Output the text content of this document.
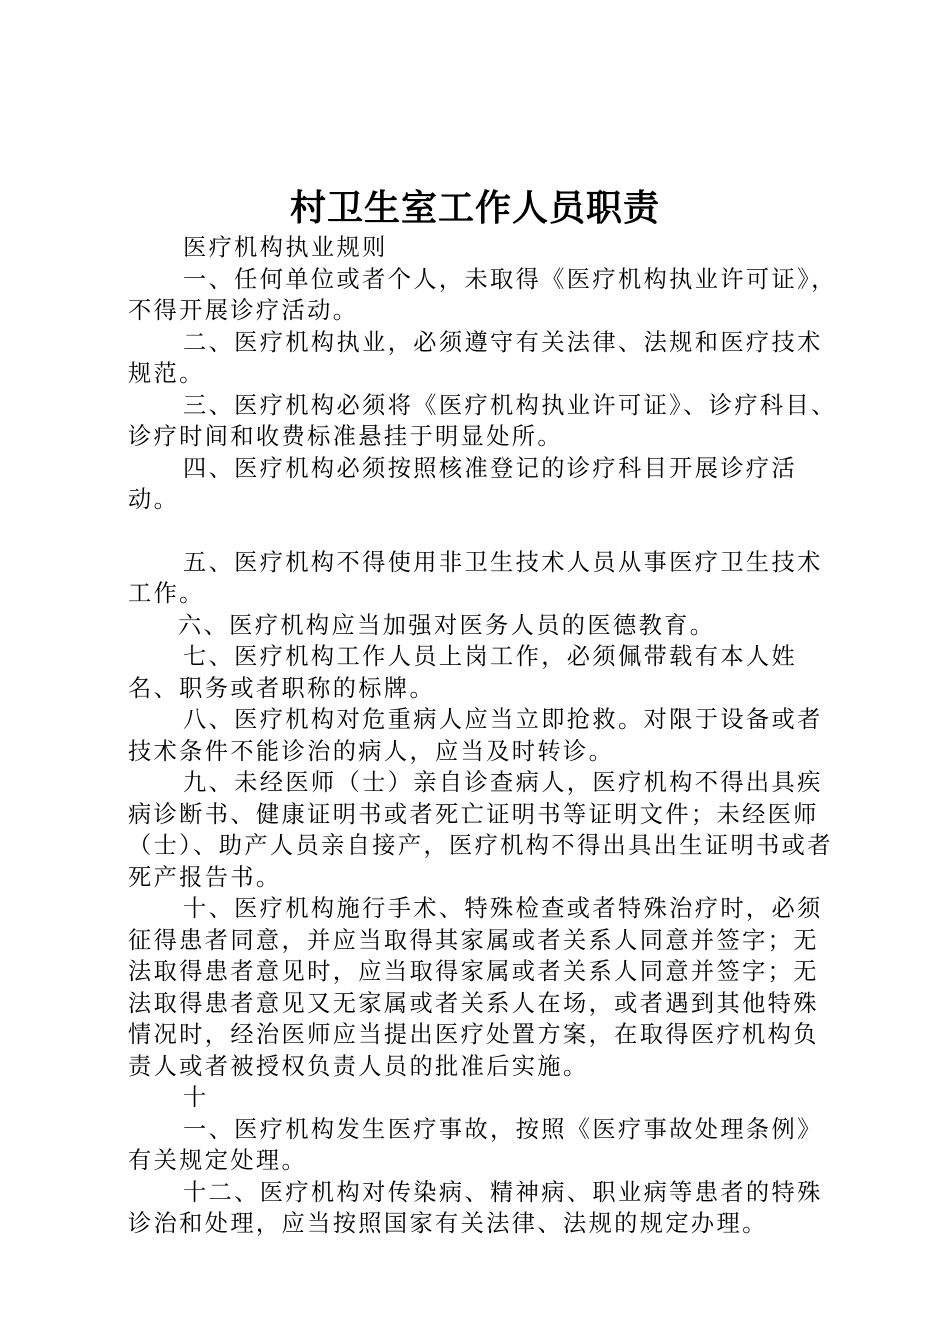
村卫生室工作人员职责

医疗机构执业规则

一、任何单位或者个人，未取得《医疗机构执业许可证》，不得开展诊疗活动。

二、医疗机构执业，必须遵守有关法律、法规和医疗技术规范。

三、医疗机构必须将《医疗机构执业许可证》、诊疗科目、诊疗时间和收费标准悬挂于明显处所。

四、医疗机构必须按照核准登记的诊疗科目开展诊疗活动。

五、医疗机构不得使用非卫生技术人员从事医疗卫生技术工作。

六、医疗机构应当加强对医务人员的医德教育。

七、医疗机构工作人员上岗工作，必须佩带载有本人姓名、职务或者职称的标牌。

八、医疗机构对危重病人应当立即抢救。对限于设备或者技术条件不能诊治的病人，应当及时转诊。

九、未经医师（士）亲自诊查病人，医疗机构不得出具疾病诊断书、健康证明书或者死亡证明书等证明文件；未经医师（士）、助产人员亲自接产，医疗机构不得出具出生证明书或者死产报告书。

十、医疗机构施行手术、特殊检查或者特殊治疗时，必须征得患者同意，并应当取得其家属或者关系人同意并签字；无法取得患者意见时，应当取得家属或者关系人同意并签字；无法取得患者意见又无家属或者关系人在场，或者遇到其他特殊情况时，经治医师应当提出医疗处置方案，在取得医疗机构负责人或者被授权负责人员的批准后实施。

十

一、医疗机构发生医疗事故，按照《医疗事故处理条例》有关规定处理。

十二、医疗机构对传染病、精神病、职业病等患者的特殊诊治和处理，应当按照国家有关法律、法规的规定办理。
